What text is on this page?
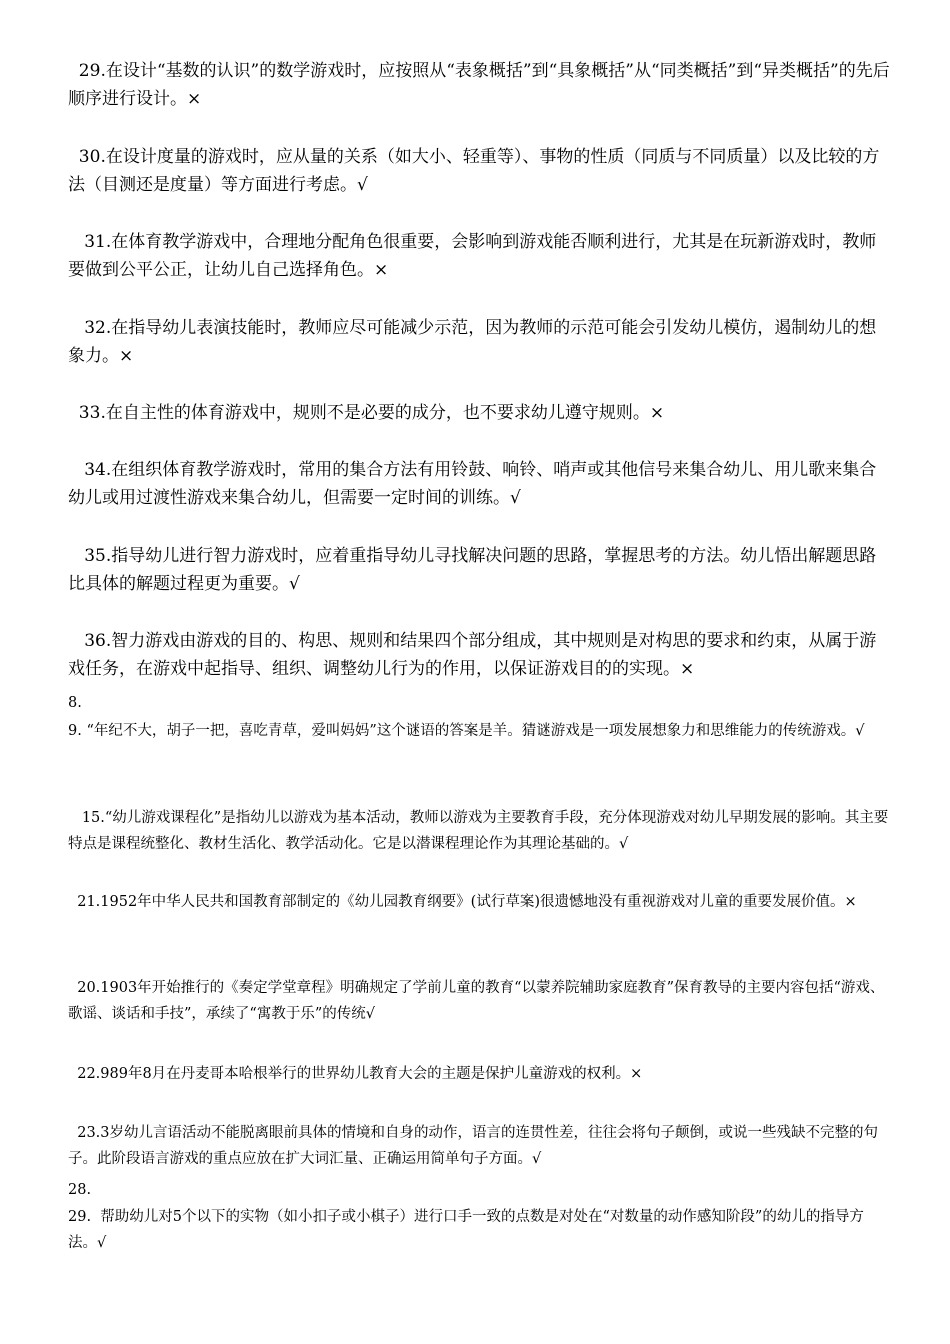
29.在设计“基数的认识”的数学游戏时，应按照从“表象概括”到“具象概括”从“同类概括”到“异类概括”的先后顺序进行设计。×

30.在设计度量的游戏时，应从量的关系（如大小、轻重等）、事物的性质（同质与不同质量）以及比较的方法（目测还是度量）等方面进行考虑。√

31.在体育教学游戏中，合理地分配角色很重要，会影响到游戏能否顺利进行，尤其是在玩新游戏时，教师要做到公平公正，让幼儿自己选择角色。×

32.在指导幼儿表演技能时，教师应尽可能减少示范，因为教师的示范可能会引发幼儿模仿，遏制幼儿的想象力。×

33.在自主性的体育游戏中，规则不是必要的成分，也不要求幼儿遵守规则。×

34.在组织体育教学游戏时，常用的集合方法有用铃鼓、响铃、哨声或其他信号来集合幼儿、用儿歌来集合幼儿或用过渡性游戏来集合幼儿，但需要一定时间的训练。√

35.指导幼儿进行智力游戏时，应着重指导幼儿寻找解决问题的思路，掌握思考的方法。幼儿悟出解题思路比具体的解题过程更为重要。√

36.智力游戏由游戏的目的、构思、规则和结果四个部分组成，其中规则是对构思的要求和约束，从属于游戏任务，在游戏中起指导、组织、调整幼儿行为的作用，以保证游戏目的的实现。×

8.

9. “年纪不大，胡子一把，喜吃青草，爱叫妈妈”这个谜语的答案是羊。猜谜游戏是一项发展想象力和思维能力的传统游戏。√

15.“幼儿游戏课程化”是指幼儿以游戏为基本活动，教师以游戏为主要教育手段，充分体现游戏对幼儿早期发展的影响。其主要特点是课程统整化、教材生活化、教学活动化。它是以潜课程理论作为其理论基础的。√

21.1952年中华人民共和国教育部制定的《幼儿园教育纲要》(试行草案)很遗憾地没有重视游戏对儿童的重要发展价值。×

20.1903年开始推行的《奏定学堂章程》明确规定了学前儿童的教育“以蒙养院辅助家庭教育”保育教导的主要内容包括“游戏、歌谣、谈话和手技”，承续了“寓教于乐”的传统√

22.989年8月在丹麦哥本哈根举行的世界幼儿教育大会的主题是保护儿童游戏的权利。×

23.3岁幼儿言语活动不能脱离眼前具体的情境和自身的动作，语言的连贯性差，往往会将句子颠倒，或说一些残缺不完整的句子。此阶段语言游戏的重点应放在扩大词汇量、正确运用简单句子方面。√

28.

29.  帮助幼儿对5个以下的实物（如小扣子或小棋子）进行口手一致的点数是对处在“对数量的动作感知阶段”的幼儿的指导方法。√
